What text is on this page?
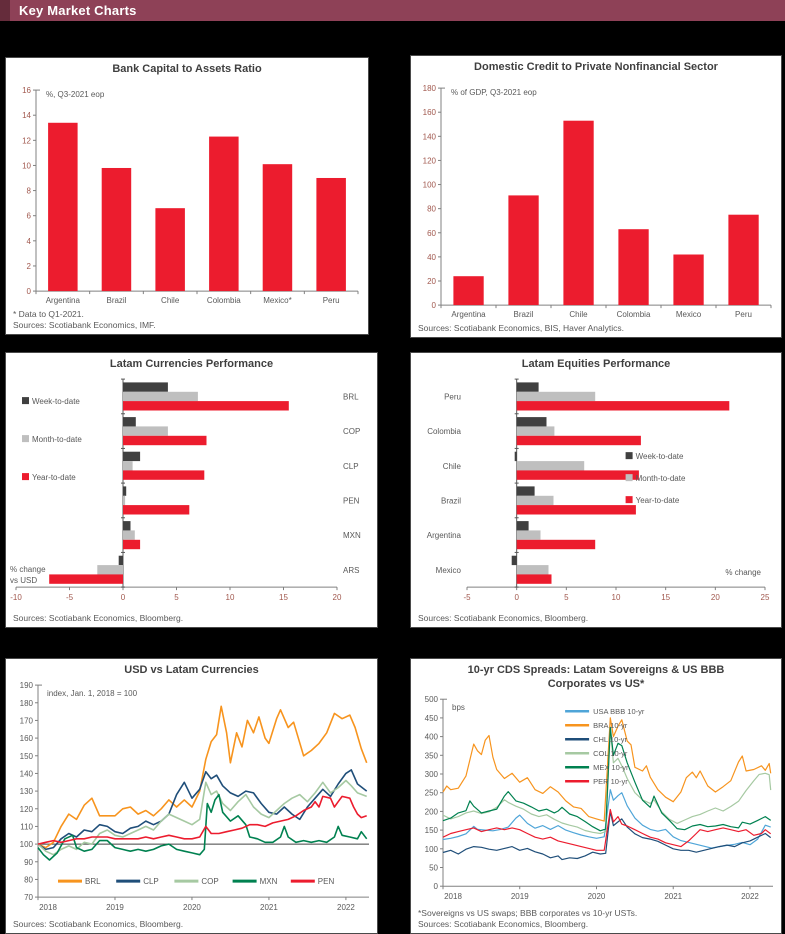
Key Market Charts
Bank Capital to Assets Ratio
0
2
4
6
8
10
12
14
16
Argentina	Brazil	Chile	Colombia	Mexico*	Peru
%, Q3-2021 eop
* Data to Q1-2021.
Sources: Scotiabank Economics, IMF.
Domestic Credit to Private Nonfinancial Sector
0
20
40
60
80
100
120
140
160
180
Argentina	Brazil	Chile	Colombia	Mexico	Peru
% of GDP, Q3-2021 eop
Sources: Scotiabank Economics, BIS, Haver Analytics.
Latam Currencies Performance
-10	-5	0	5	10	15	20
BRL
COP
CLP
PEN
MXN
ARS
Week-to-date
Month-to-date
Year-to-date
% change
vs USD
Sources: Scotiabank Economics, Bloomberg.
Latam Equities Performance
-5	0	5	10	15	20	25
Peru
Colombia
Chile
Brazil
Argentina
Mexico
Week-to-date
Month-to-date
Year-to-date
% change
Sources: Scotiabank Economics, Bloomberg.
USD vs Latam Currencies
70
80
90
100
110
120
130
140
150
160
170
180
190
2018	2019	2020	2021	2022
BRL	CLP	COP	MXN	PEN
index, Jan. 1, 2018 = 100
Sources: Scotiabank Economics, Bloomberg.
10-yr CDS Spreads: Latam Sovereigns & US BBB Corporates vs US*
0
50
100
150
200
250
300
350
400
450
500
2018	2019	2020	2021	2022
USA BBB 10-yr
BRA 10-yr
CHL 10-yr
COL 10-yr
MEX 10-yr
PER 10-yr
bps
*Sovereigns vs US swaps; BBB corporates vs 10-yr USTs.
Sources: Scotiabank Economics, Bloomberg.
